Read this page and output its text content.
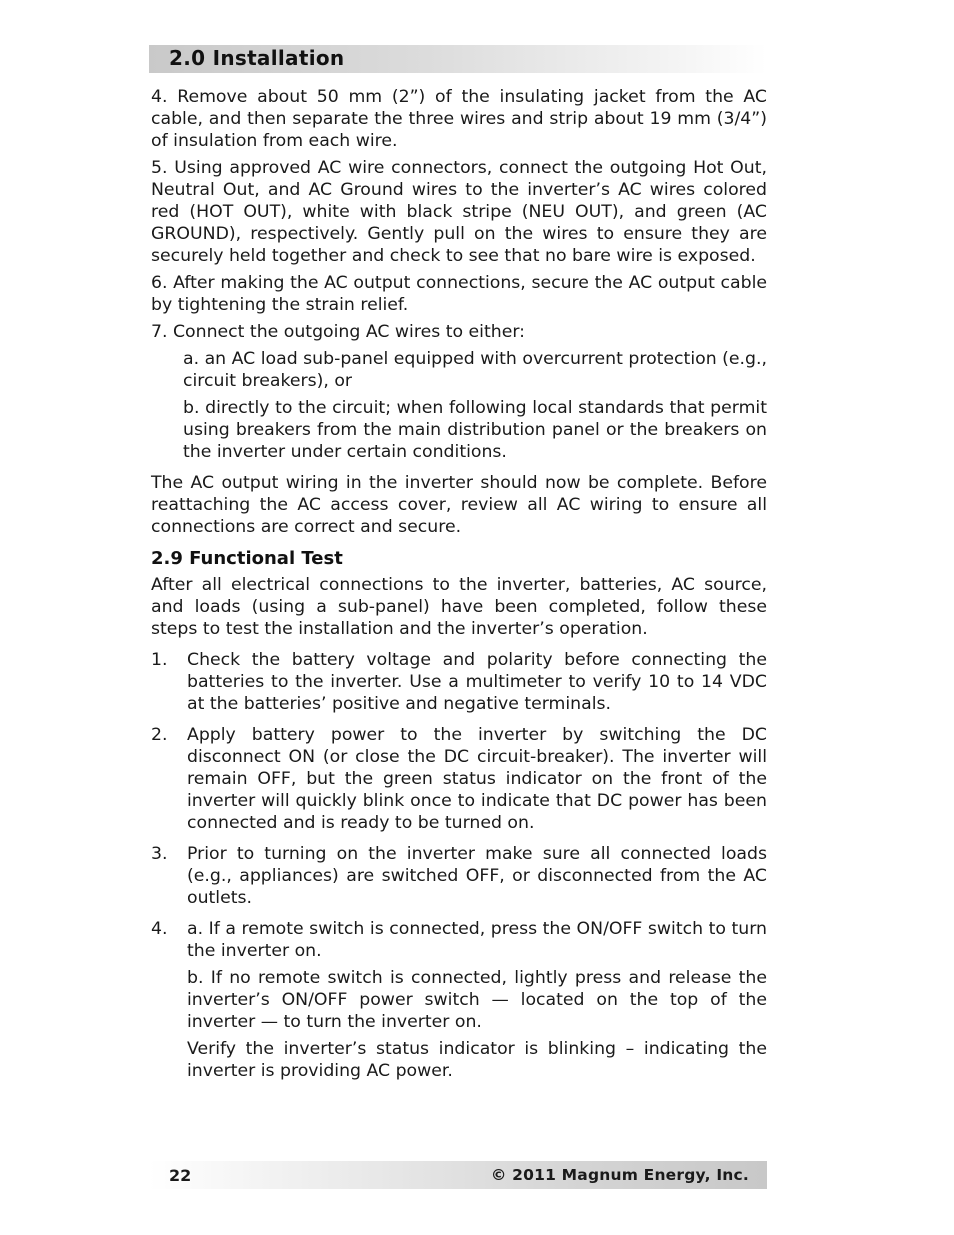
2.0 Installation

4. Remove about 50 mm (2”) of the insulating jacket from the AC cable, and then separate the three wires and strip about 19 mm (3/4”) of insulation from each wire.

5. Using approved AC wire connectors, connect the outgoing Hot Out, Neutral Out, and AC Ground wires to the inverter’s AC wires colored red (HOT OUT), white with black stripe (NEU OUT), and green (AC GROUND), respectively. Gently pull on the wires to ensure they are securely held together and check to see that no bare wire is exposed.

6. After making the AC output connections, secure the AC output cable by tightening the strain relief.

7. Connect the outgoing AC wires to either:

a. an AC load sub-panel equipped with overcurrent protection (e.g., circuit breakers), or

b. directly to the circuit; when following local standards that permit using breakers from the main distribution panel or the breakers on the inverter under certain conditions.

The AC output wiring in the inverter should now be complete. Before reattaching the AC access cover, review all AC wiring to ensure all connections are correct and secure.

2.9 Functional Test

After all electrical connections to the inverter, batteries, AC source, and loads (using a sub-panel) have been completed, follow these steps to test the installation and the inverter’s operation.

1.	Check the battery voltage and polarity before connecting the batteries to the inverter. Use a multimeter to verify 10 to 14 VDC at the batteries’ positive and negative terminals.

2.	Apply battery power to the inverter by switching the DC disconnect ON (or close the DC circuit-breaker). The inverter will remain OFF, but the green status indicator on the front of the inverter will quickly blink once to indicate that DC power has been connected and is ready to be turned on.

3.	Prior to turning on the inverter make sure all connected loads (e.g., appliances) are switched OFF, or disconnected from the AC outlets.

4.	a. If a remote switch is connected, press the ON/OFF switch to turn the inverter on.

b. If no remote switch is connected, lightly press and release the inverter’s ON/OFF power switch — located on the top of the inverter — to turn the inverter on.

Verify the inverter’s status indicator is blinking – indicating the inverter is providing AC power.

22	© 2011 Magnum Energy, Inc.
